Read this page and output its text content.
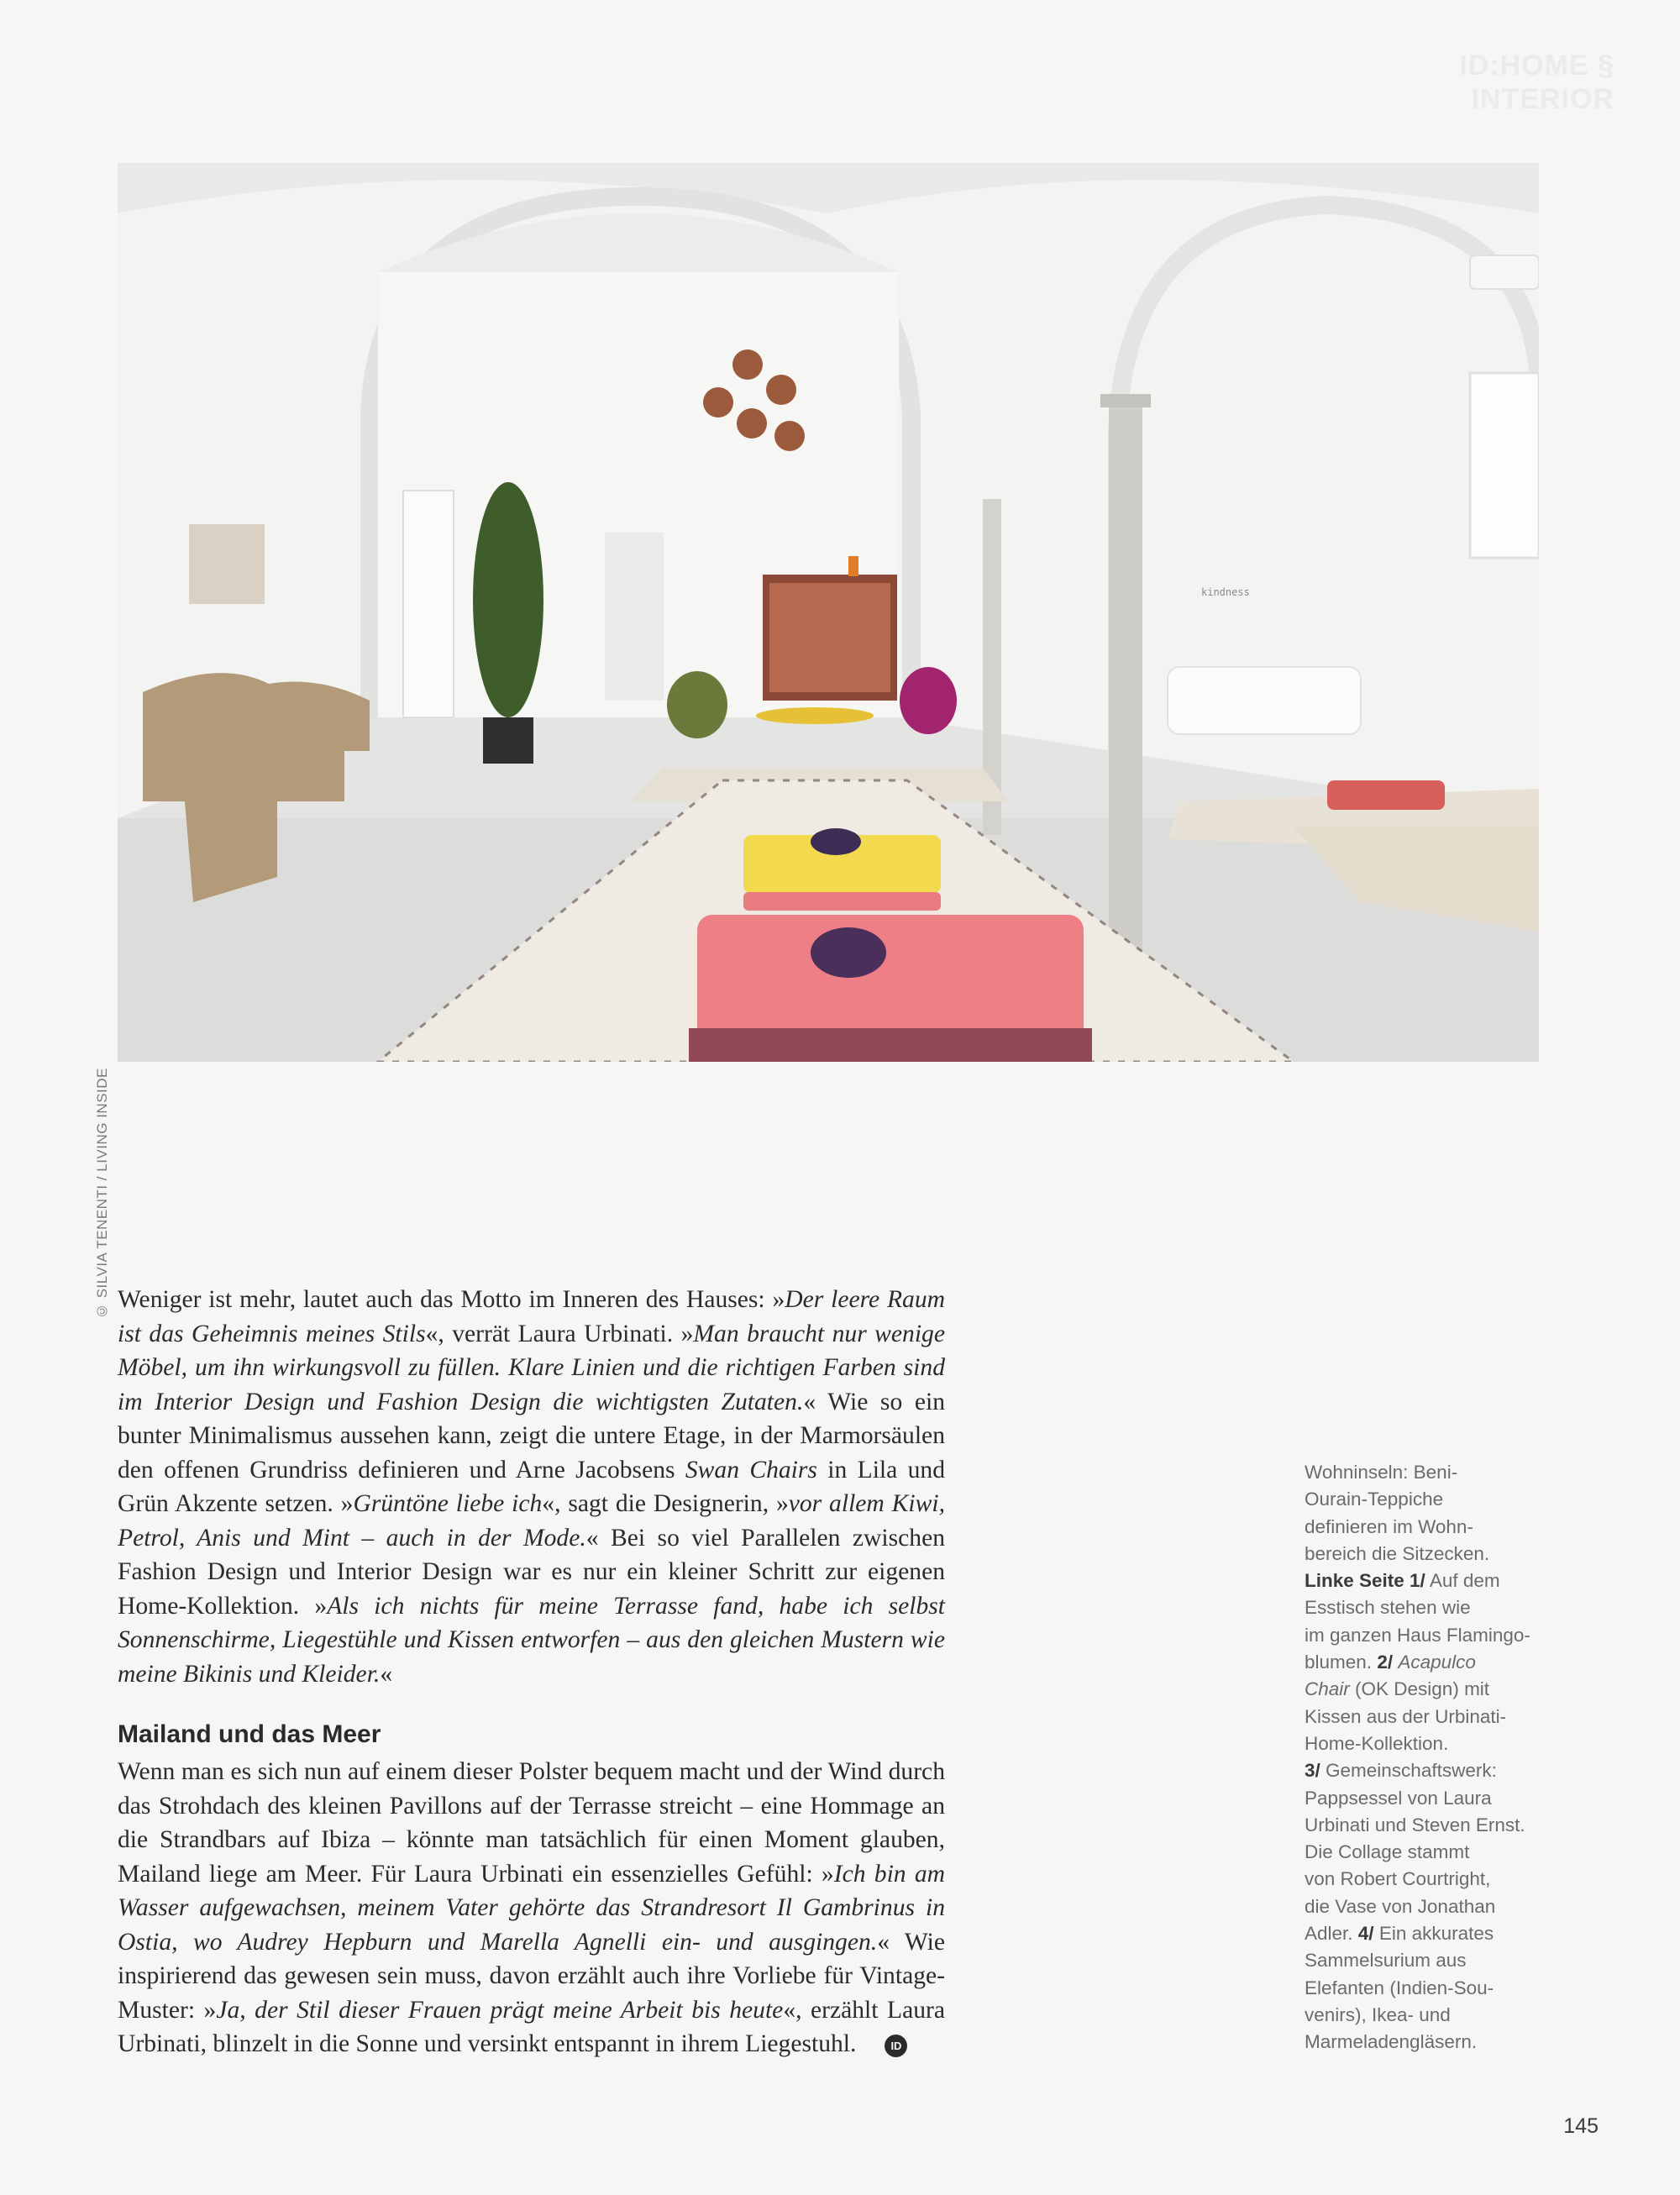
ID:HOME §
INTERIOR
kindness
© SILVIA TENENTI / LIVING INSIDE Weniger ist mehr, lautet auch das Motto im Inneren des Hauses: »Der leere Raum ist das Geheimnis meines Stils«, verrät Laura Urbinati. »Man braucht nur wenige Möbel, um ihn wirkungsvoll zu füllen. Klare Linien und die richtigen Farben sind im Interior Design und Fashion Design die wichtigsten Zutaten.« Wie so ein bunter Minimalismus aussehen kann, zeigt die untere Etage, in der Marmorsäulen den offenen Grundriss definieren und Arne Jacobsens Swan Chairs in Lila und Grün Akzente setzen. »Grüntöne liebe ich«, sagt die Designerin, »vor allem Kiwi, Petrol, Anis und Mint – auch in der Mode.« Bei so viel Parallelen zwischen Fashion Design und Interior Design war es nur ein kleiner Schritt zur eigenen Home-Kollektion. »Als ich nichts für meine Terrasse fand, habe ich selbst Sonnenschirme, Liegestühle und Kissen entworfen – aus den gleichen Mustern wie meine Bikinis und Kleider.«

Mailand und das Meer

Wenn man es sich nun auf einem dieser Polster bequem macht und der Wind durch das Strohdach des kleinen Pavillons auf der Terrasse streicht – eine Hommage an die Strandbars auf Ibiza – könnte man tatsächlich für einen Moment glauben, Mailand liege am Meer. Für Laura Urbinati ein essenzielles Gefühl: »Ich bin am Wasser aufgewachsen, meinem Vater gehörte das Strandresort Il Gambrinus in Ostia, wo Audrey Hepburn und Marella Agnelli ein- und ausgingen.« Wie inspirierend das gewesen sein muss, davon erzählt auch ihre Vorliebe für Vintage-Muster: »Ja, der Stil dieser Frauen prägt meine Arbeit bis heute«, erzählt Laura Urbinati, blinzelt in die Sonne und versinkt entspannt in ihrem Liegestuhl.	ID

Wohninseln: Beni-
Ourain-Teppiche
definieren im Wohn-
bereich die Sitzecken.
Linke Seite 1/ Auf dem
Esstisch stehen wie
im ganzen Haus Flamingo-
blumen. 2/ Acapulco
Chair (OK Design) mit
Kissen aus der Urbinati-
Home-Kollektion.
3/ Gemeinschaftswerk:
Pappsessel von Laura
Urbinati und Steven Ernst.
Die Collage stammt
von Robert Courtright,
die Vase von Jonathan
Adler. 4/ Ein akkurates
Sammelsurium aus
Elefanten (Indien-Sou-
venirs), Ikea- und
Marmeladengläsern.
145
